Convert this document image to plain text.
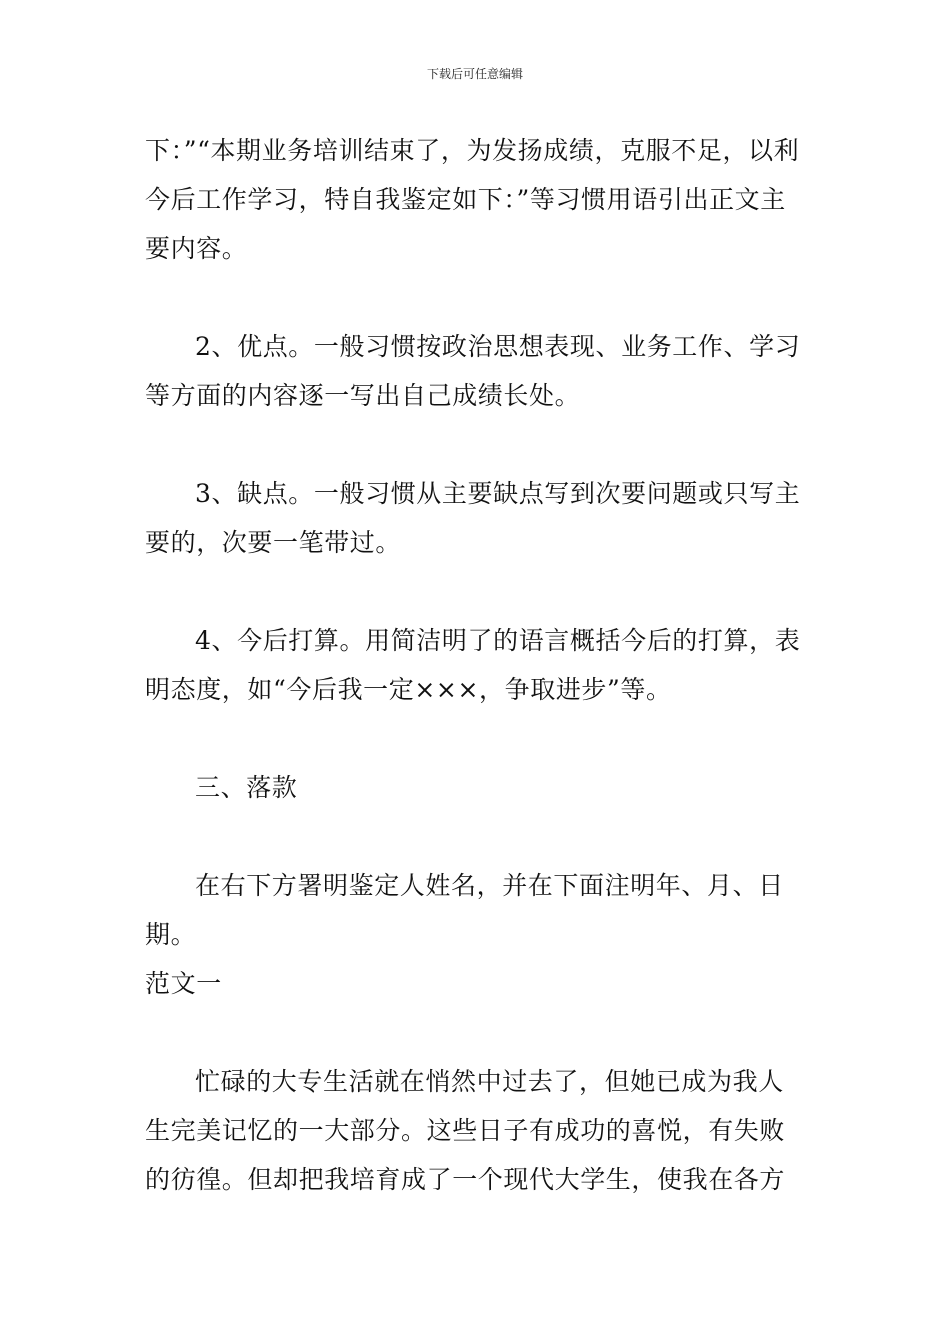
下载后可任意编辑

下：”“本期业务培训结束了，为发扬成绩，克服不足，以利今后工作学习，特自我鉴定如下：”等习惯用语引出正文主要内容。

2、优点。一般习惯按政治思想表现、业务工作、学习等方面的内容逐一写出自己成绩长处。

3、缺点。一般习惯从主要缺点写到次要问题或只写主要的，次要一笔带过。

4、今后打算。用简洁明了的语言概括今后的打算，表明态度，如“今后我一定×××，争取进步”等。

三、落款

在右下方署明鉴定人姓名，并在下面注明年、月、日期。

范文一

忙碌的大专生活就在悄然中过去了，但她已成为我人生完美记忆的一大部分。这些日子有成功的喜悦，有失败的彷徨。但却把我培育成了一个现代大学生，使我在各方
